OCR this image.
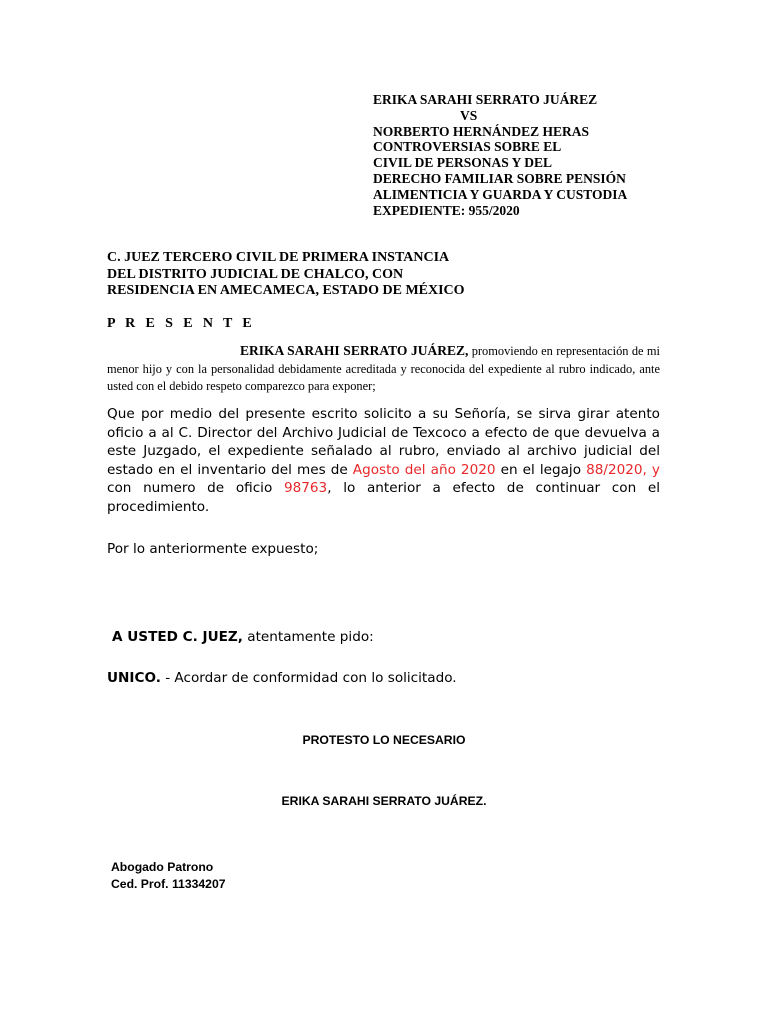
ERIKA SARAHI SERRATO JUÁREZ
VS
NORBERTO HERNÁNDEZ HERAS
CONTROVERSIAS SOBRE EL
CIVIL DE PERSONAS Y DEL
DERECHO FAMILIAR SOBRE PENSIÓN
ALIMENTICIA Y GUARDA Y CUSTODIA
EXPEDIENTE: 955/2020
C. JUEZ TERCERO CIVIL DE PRIMERA INSTANCIA
DEL DISTRITO JUDICIAL DE CHALCO, CON
RESIDENCIA EN AMECAMECA, ESTADO DE MÉXICO
P R E S E N T E
ERIKA SARAHI SERRATO JUÁREZ, promoviendo en representación de mi menor hijo y con la personalidad debidamente acreditada y reconocida del expediente al rubro indicado, ante usted con el debido respeto comparezco para exponer;
Que por medio del presente escrito solicito a su Señoría, se sirva girar atento oficio a al C. Director del Archivo Judicial de Texcoco a efecto de que devuelva a este Juzgado, el expediente señalado al rubro, enviado al archivo judicial del estado en el inventario del mes de Agosto del año 2020 en el legajo 88/2020, y con numero de oficio 98763, lo anterior a efecto de continuar con el procedimiento.
Por lo anteriormente expuesto;
A USTED C. JUEZ, atentamente pido:
UNICO. - Acordar de conformidad con lo solicitado.
PROTESTO LO NECESARIO
ERIKA SARAHI SERRATO JUÁREZ.
Abogado Patrono
Ced. Prof. 11334207
